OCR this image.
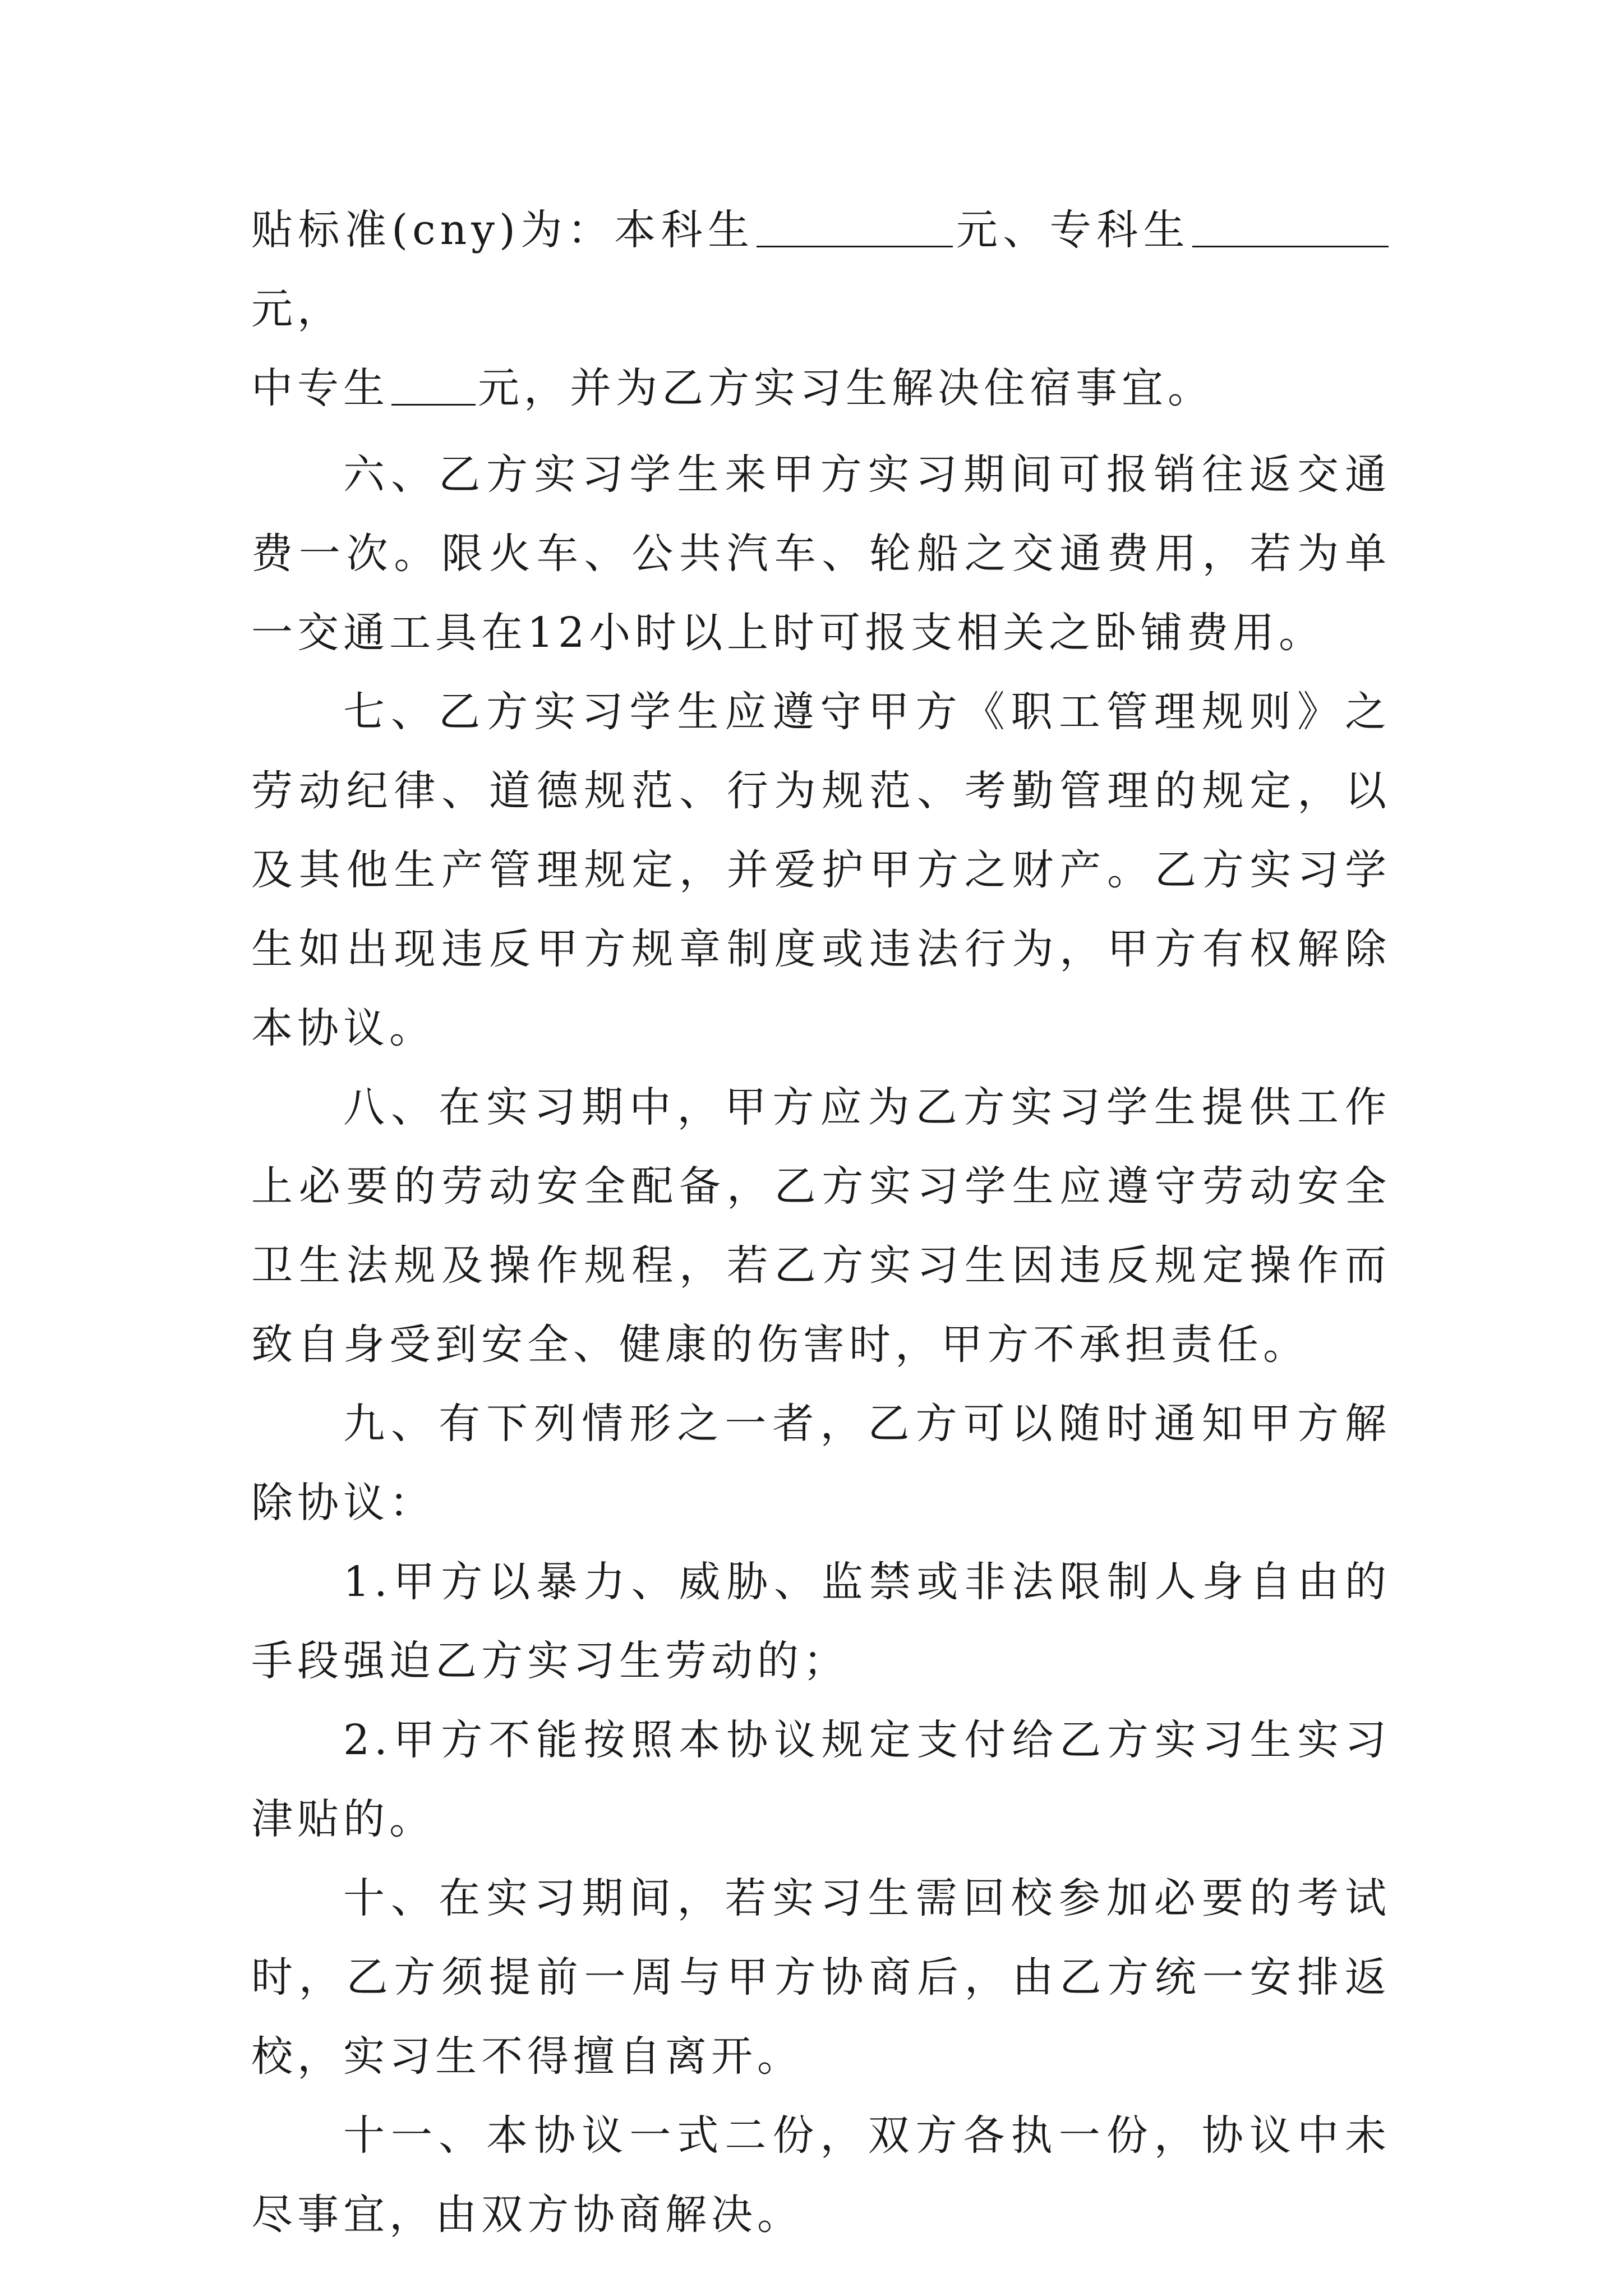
贴标准(cny)为：本科生	元、专科生元，
中专生 元，并为乙方实习生解决住宿事宜。

六、乙方实习学生来甲方实习期间可报销往返交通费一次。限火车、公共汽车、轮船之交通费用，若为单一交通工具在12小时以上时可报支相关之卧铺费用。

七、乙方实习学生应遵守甲方《职工管理规则》之劳动纪律、道德规范、行为规范、考勤管理的规定，以及其他生产管理规定，并爱护甲方之财产。乙方实习学生如出现违反甲方规章制度或违法行为，甲方有权解除本协议。

八、在实习期中，甲方应为乙方实习学生提供工作上必要的劳动安全配备，乙方实习学生应遵守劳动安全卫生法规及操作规程，若乙方实习生因违反规定操作而致自身受到安全、健康的伤害时，甲方不承担责任。

九、有下列情形之一者，乙方可以随时通知甲方解除协议：

1.甲方以暴力、威胁、监禁或非法限制人身自由的手段强迫乙方实习生劳动的；

2.甲方不能按照本协议规定支付给乙方实习生实习津贴的。

十、在实习期间，若实习生需回校参加必要的考试时，乙方须提前一周与甲方协商后，由乙方统一安排返校，实习生不得擅自离开。

十一、本协议一式二份，双方各执一份，协议中未尽事宜，由双方协商解决。
